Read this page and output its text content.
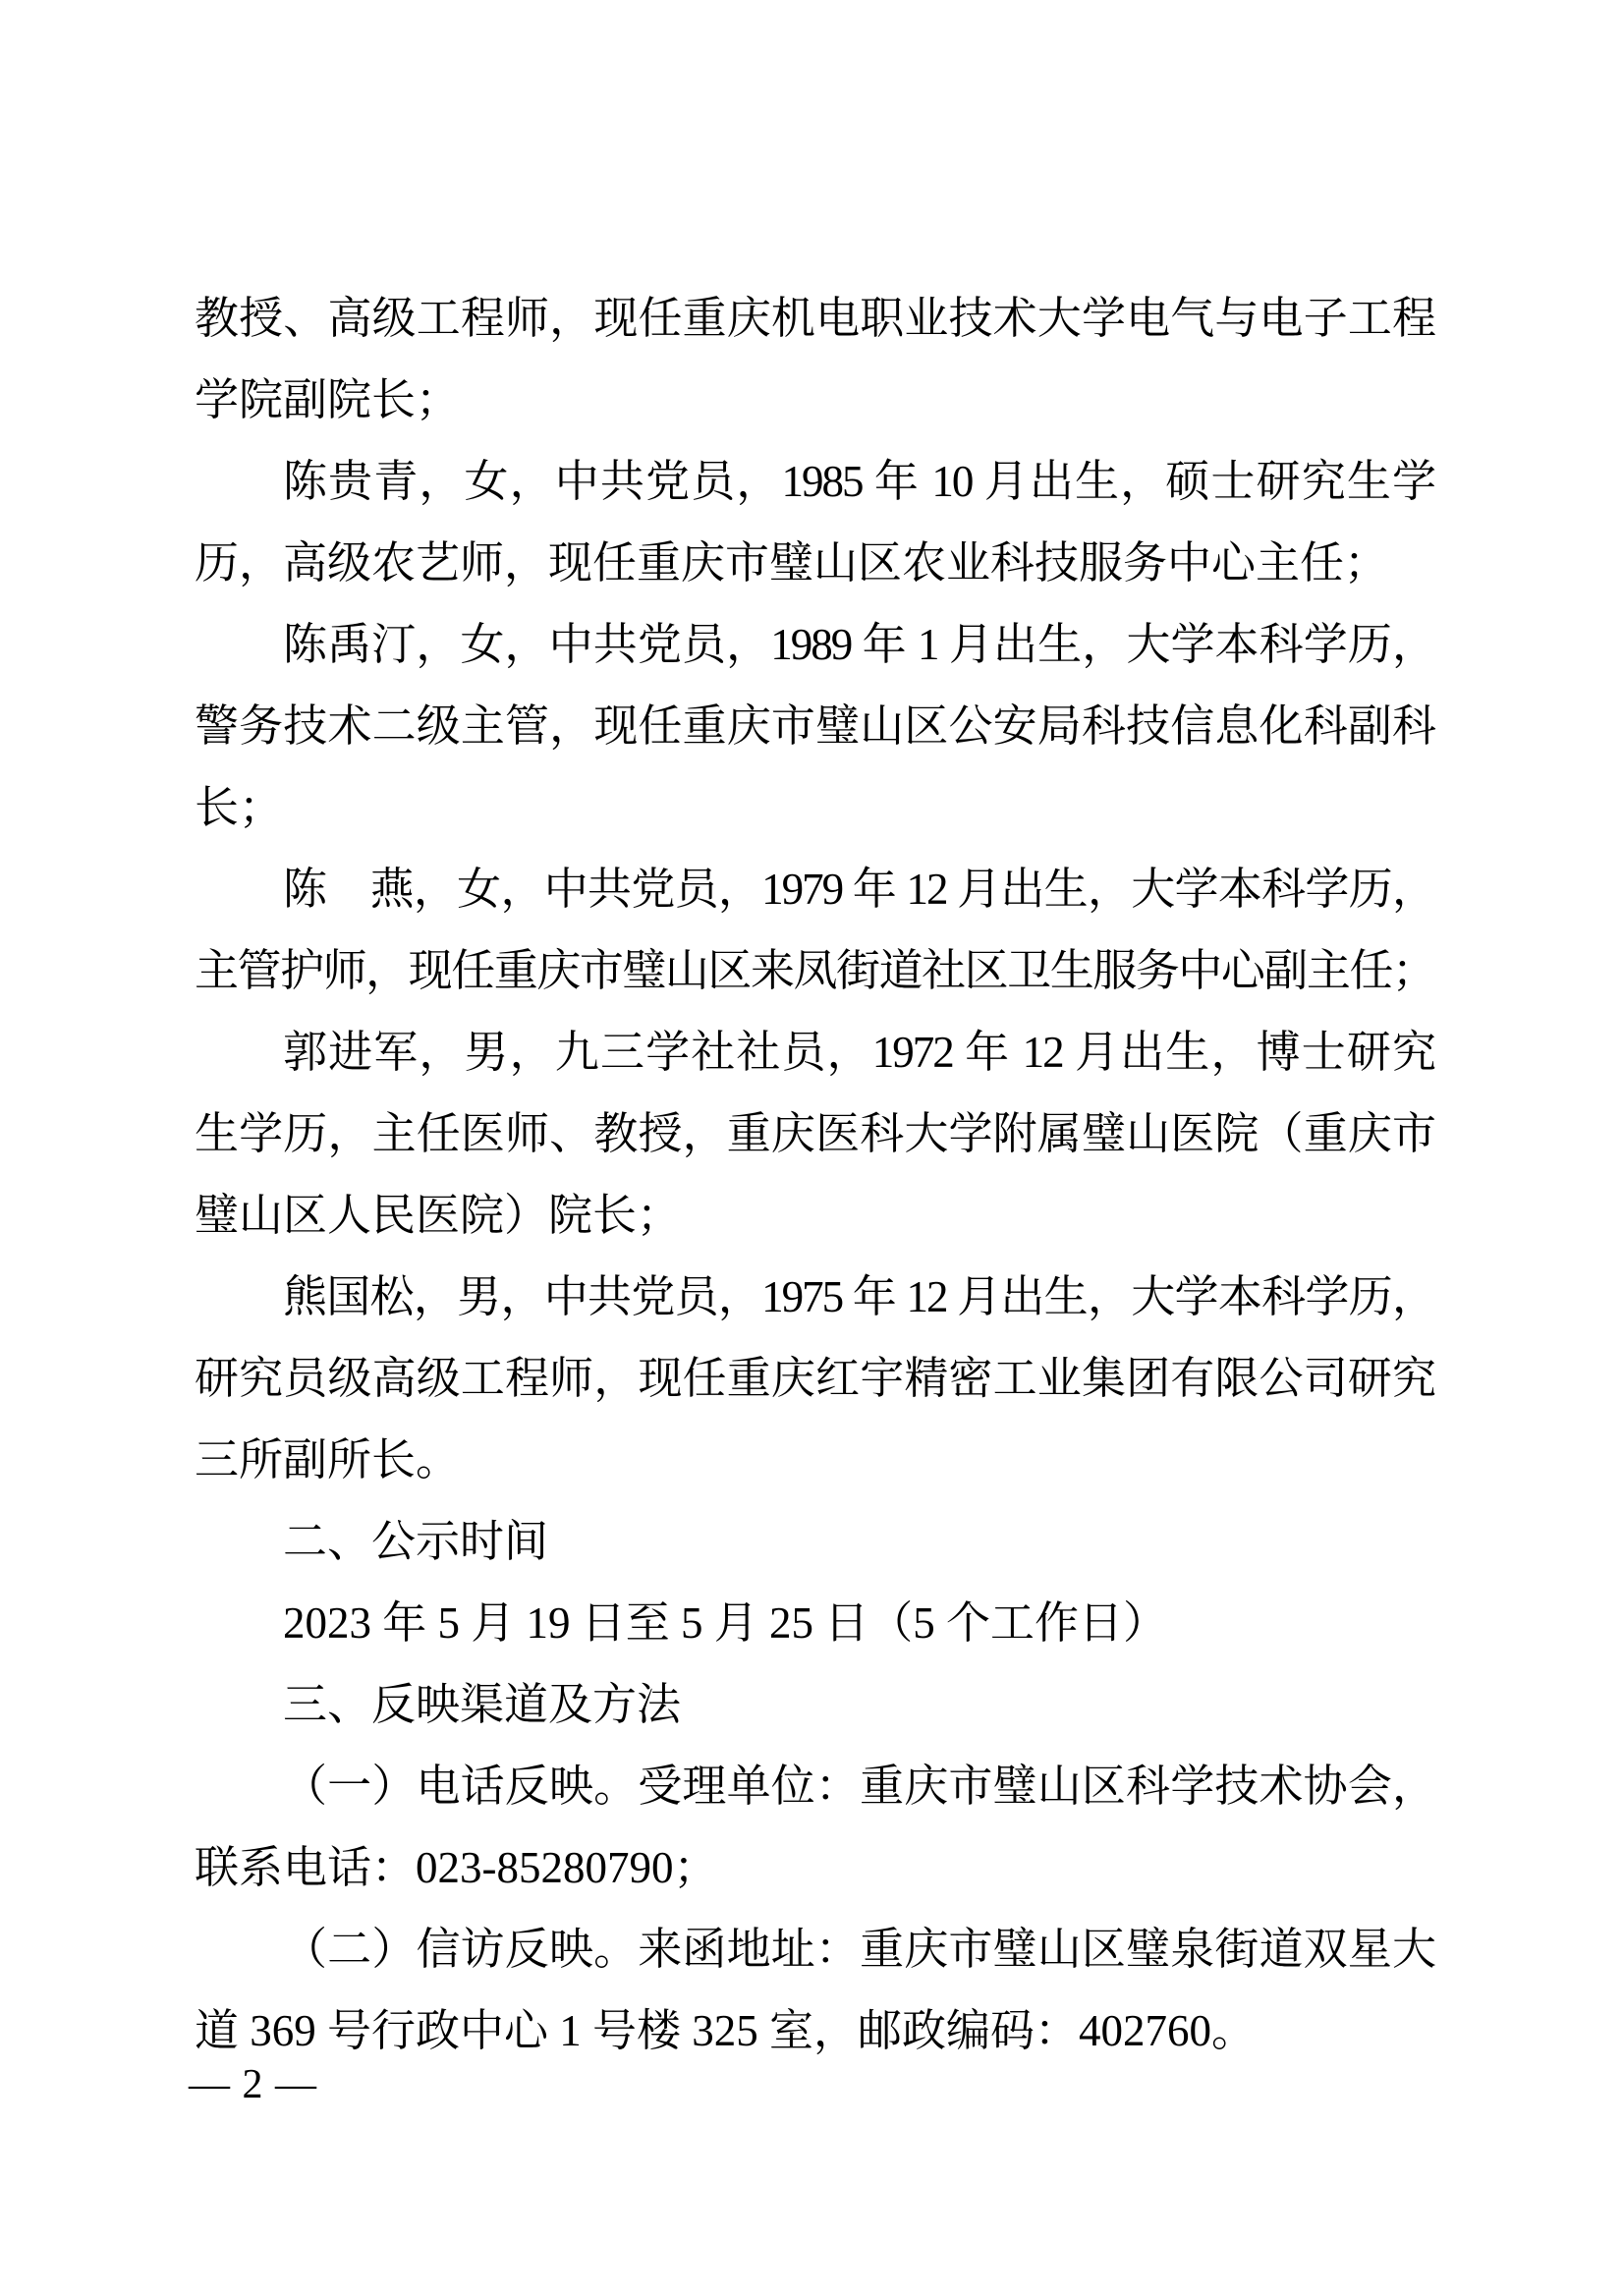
教授、高级工程师，现任重庆机电职业技术大学电气与电子工程
学院副院长；
陈贵青，女，中共党员，1985 年 10 月出生，硕士研究生学
历，高级农艺师，现任重庆市璧山区农业科技服务中心主任；
陈禹汀，女，中共党员，1989 年 1 月出生，大学本科学历，
警务技术二级主管，现任重庆市璧山区公安局科技信息化科副科
长；
陈　燕，女，中共党员，1979 年 12 月出生，大学本科学历，
主管护师，现任重庆市璧山区来凤街道社区卫生服务中心副主任；
郭进军，男，九三学社社员，1972 年 12 月出生，博士研究
生学历，主任医师、教授，重庆医科大学附属璧山医院（重庆市
璧山区人民医院）院长；
熊国松，男，中共党员，1975 年 12 月出生，大学本科学历，
研究员级高级工程师，现任重庆红宇精密工业集团有限公司研究
三所副所长。
二、公示时间
2023 年 5 月 19 日至 5 月 25 日（5 个工作日）
三、反映渠道及方法
（一）电话反映。受理单位：重庆市璧山区科学技术协会，
联系电话：023-85280790；
（二）信访反映。来函地址：重庆市璧山区璧泉街道双星大
道 369 号行政中心 1 号楼 325 室，邮政编码：402760。
— 2 —
